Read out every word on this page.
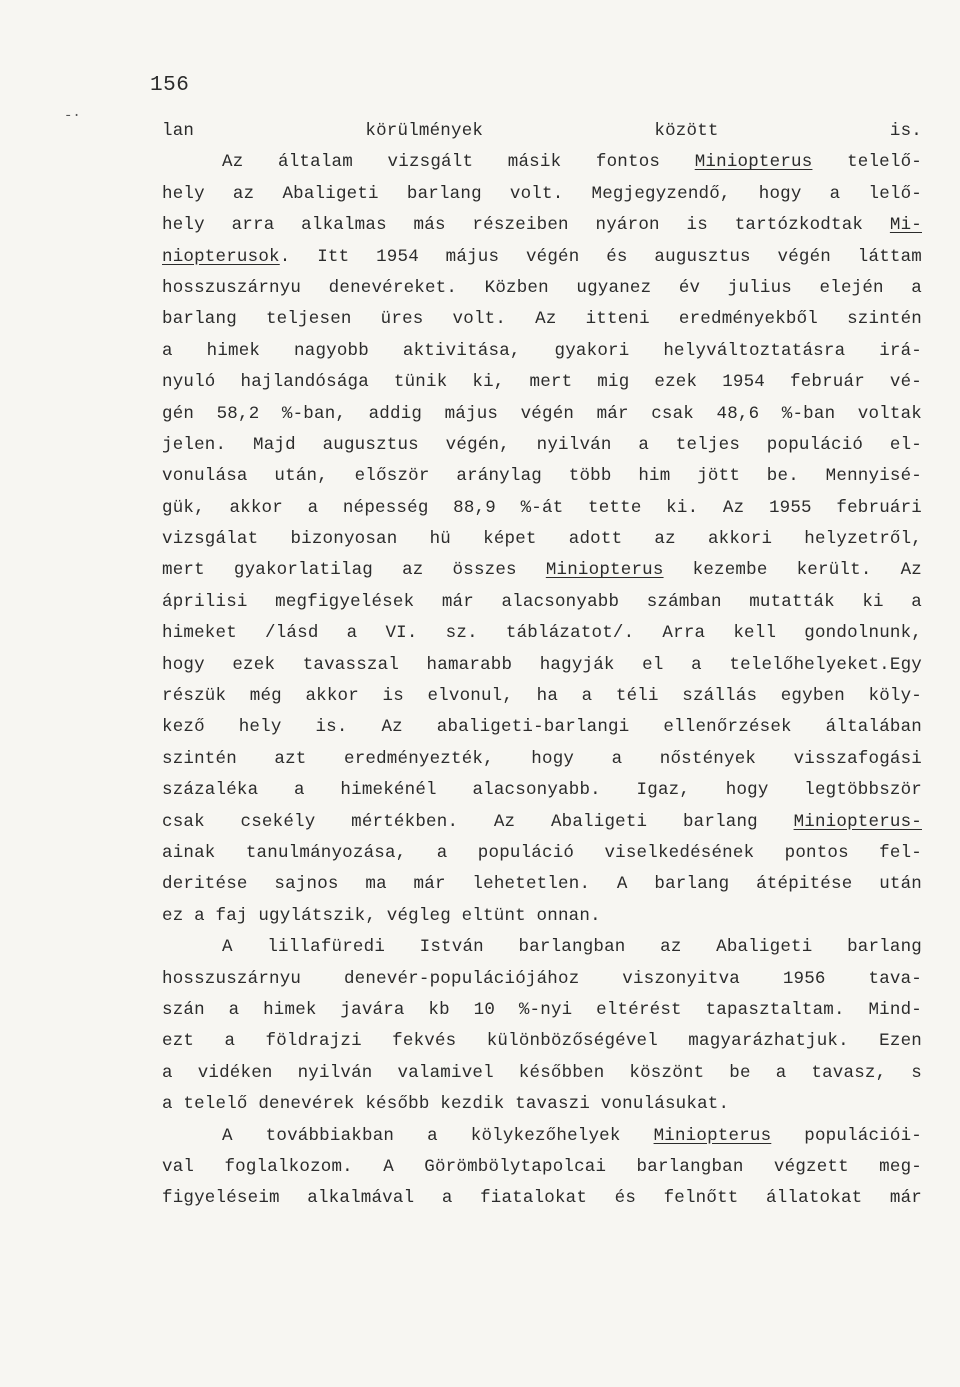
156
-·
lan körülmények között is.
Az általam vizsgált másik fontos Miniopterus telelő-
hely az Abaligeti barlang volt. Megjegyzendő, hogy a lelő-
hely arra alkalmas más részeiben nyáron is tartózkodtak Mi-
niopterusok. Itt 1954 május végén és augusztus végén láttam
hosszuszárnyu denevéreket. Közben ugyanez év julius elején a
barlang teljesen üres volt. Az itteni eredményekből szintén
a himek nagyobb aktivitása, gyakori helyváltoztatásra irá-
nyuló hajlandósága tünik ki, mert mig ezek 1954 február vé-
gén 58,2 %-ban, addig május végén már csak 48,6 %-ban voltak
jelen. Majd augusztus végén, nyilván a teljes populáció el-
vonulása után, először aránylag több him jött be. Mennyisé-
gük, akkor a népesség 88,9 %-át tette ki. Az 1955 februári
vizsgálat bizonyosan hü képet adott az akkori helyzetről,
mert gyakorlatilag az összes Miniopterus kezembe került. Az
áprilisi megfigyelések már alacsonyabb számban mutatták ki a
himeket /lásd a VI. sz. táblázatot/. Arra kell gondolnunk,
hogy ezek tavasszal hamarabb hagyják el a telelőhelyeket.Egy
részük még akkor is elvonul, ha a téli szállás egyben köly-
kező hely is. Az abaligeti-barlangi ellenőrzések általában
szintén azt eredményezték, hogy a nőstények visszafogási
százaléka a himekénél alacsonyabb. Igaz, hogy legtöbbször
csak csekély mértékben. Az Abaligeti barlang Miniopterus-
ainak tanulmányozása, a populáció viselkedésének pontos fel-
deritése sajnos ma már lehetetlen. A barlang átépitése után
ez a faj ugylátszik, végleg eltünt onnan.
A lillafüredi István barlangban az Abaligeti barlang
hosszuszárnyu denevér-populációjához viszonyitva 1956 tava-
szán a himek javára kb 10 %-nyi eltérést tapasztaltam. Mind-
ezt a földrajzi fekvés különbözőségével magyarázhatjuk. Ezen
a vidéken nyilván valamivel későbben köszönt be a tavasz, s
a telelő denevérek később kezdik tavaszi vonulásukat.
A továbbiakban a kölykezőhelyek Miniopterus populációi-
val foglalkozom. A Görömbölytapolcai barlangban végzett meg-
figyeléseim alkalmával a fiatalokat és felnőtt állatokat már
